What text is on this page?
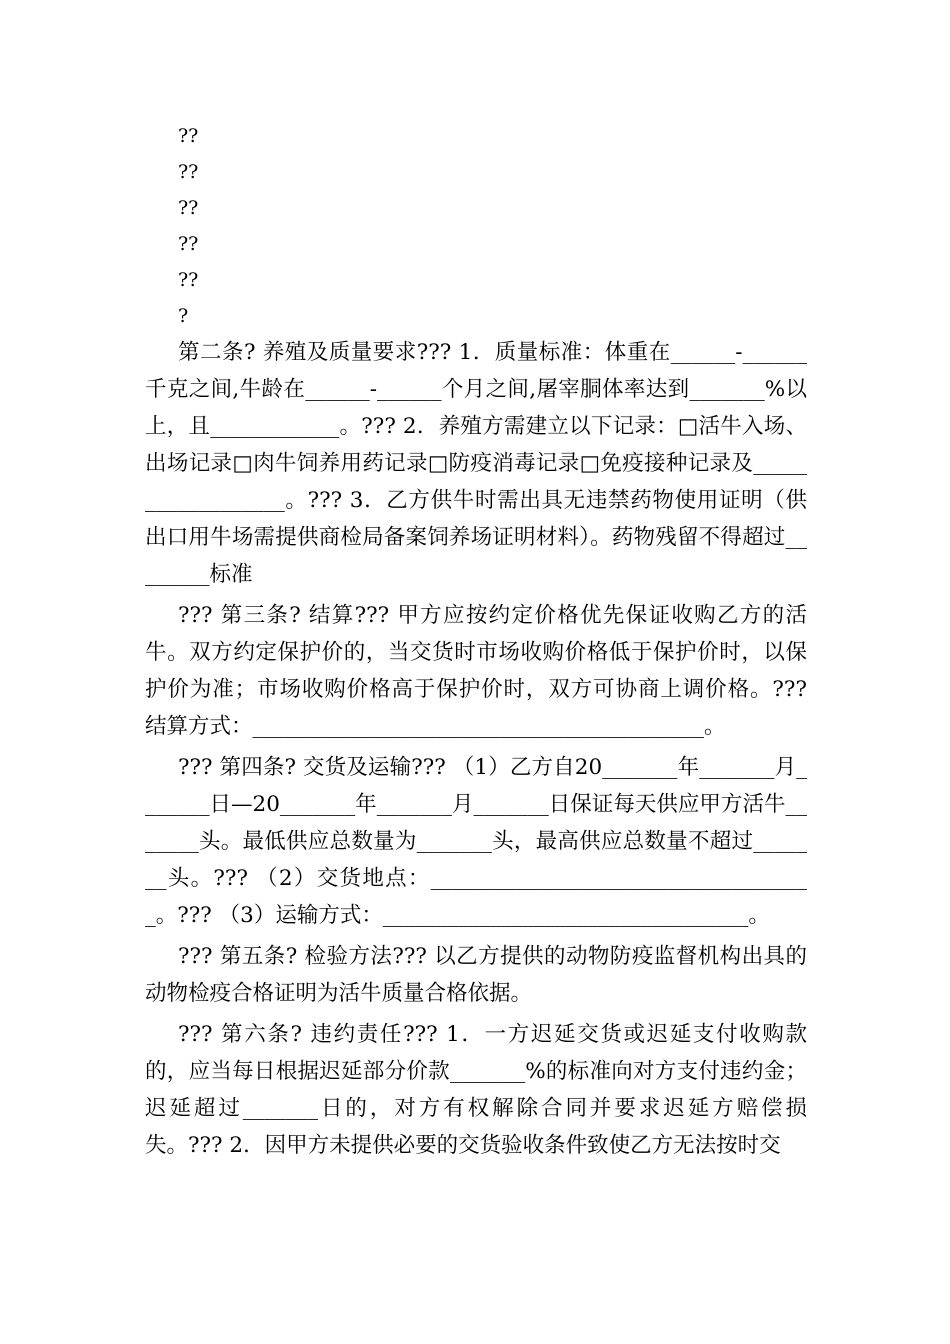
??
??
??
??
??
?

第二条? 养殖及质量要求??? 1．质量标准：体重在______-______千克之间,牛龄在______-______个月之间,屠宰胴体率达到_______%以上，且____________。??? 2．养殖方需建立以下记录：□活牛入场、出场记录□肉牛饲养用药记录□防疫消毒记录□免疫接种记录及__________________。??? 3．乙方供牛时需出具无违禁药物使用证明（供出口用牛场需提供商检局备案饲养场证明材料）。药物残留不得超过________标准

??? 第三条? 结算??? 甲方应按约定价格优先保证收购乙方的活牛。双方约定保护价的，当交货时市场收购价格低于保护价时，以保护价为准；市场收购价格高于保护价时，双方可协商上调价格。??? 结算方式：__________________________________________。

??? 第四条? 交货及运输??? （1）乙方自20_______年_______月_______日—20_______年_______月_______日保证每天供应甲方活牛_______头。最低供应总数量为_______头，最高供应总数量不超过_______头。??? （2）交货地点：____________________________________。??? （3）运输方式：__________________________________。

??? 第五条? 检验方法??? 以乙方提供的动物防疫监督机构出具的动物检疫合格证明为活牛质量合格依据。

??? 第六条? 违约责任??? 1．一方迟延交货或迟延支付收购款的，应当每日根据迟延部分价款_______%的标准向对方支付违约金；迟延超过_______日的，对方有权解除合同并要求迟延方赔偿损失。??? 2．因甲方未提供必要的交货验收条件致使乙方无法按时交
